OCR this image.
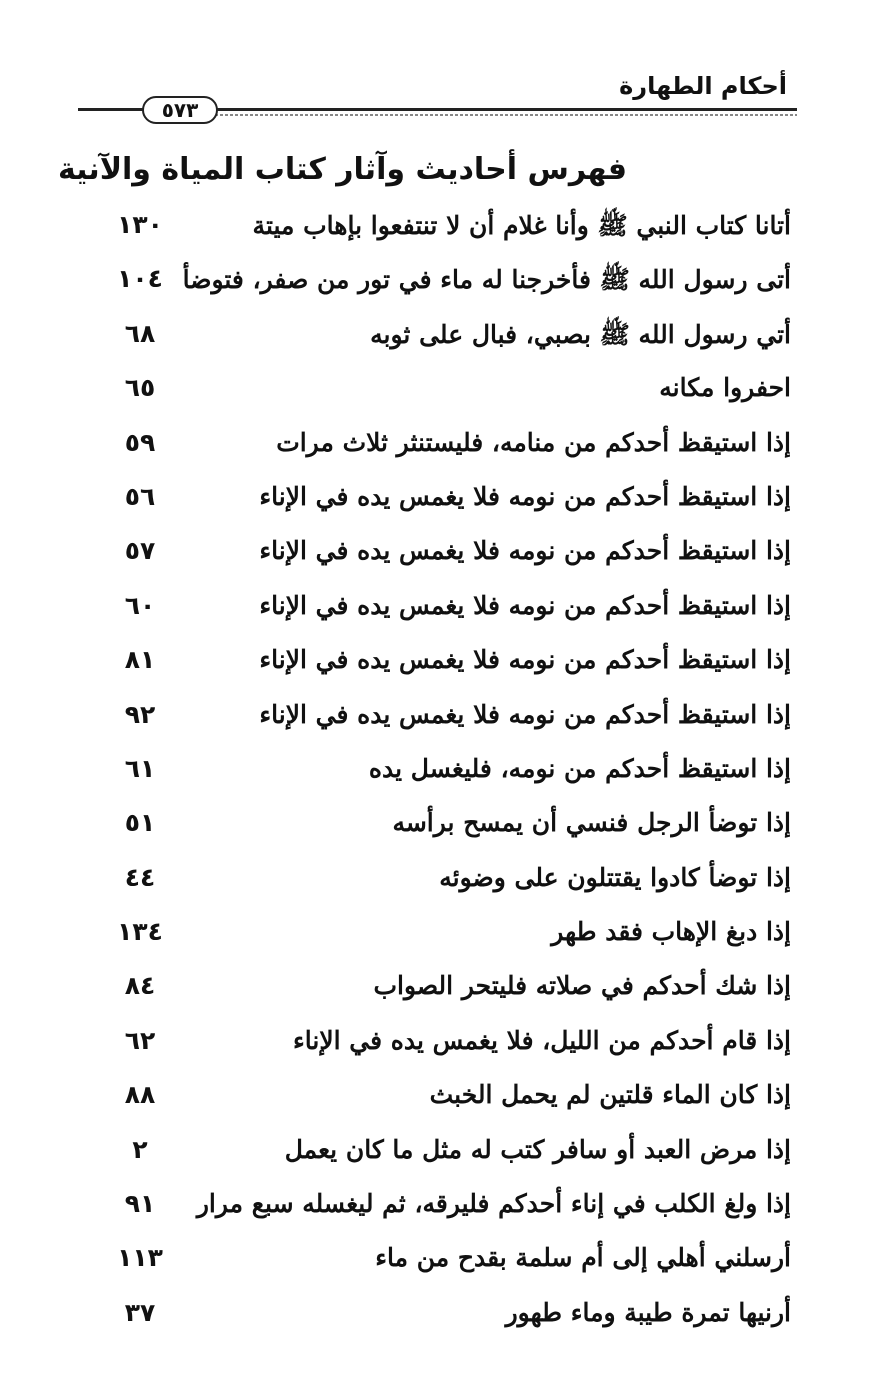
أحكام الطهارة
٥٧٣
فهرس أحاديث وآثار كتاب المياة والآنية
أتانا كتاب النبي ﷺ وأنا غلام أن لا تنتفعوا بإهاب ميتة
١٣٠
أتى رسول الله ﷺ فأخرجنا له ماء في تور من صفر، فتوضأ
١٠٤
أتي رسول الله ﷺ بصبي، فبال على ثوبه
٦٨
احفروا مكانه
٦٥
إذا استيقظ أحدكم من منامه، فليستنثر ثلاث مرات
٥٩
إذا استيقظ أحدكم من نومه فلا يغمس يده في الإناء
٥٦
إذا استيقظ أحدكم من نومه فلا يغمس يده في الإناء
٥٧
إذا استيقظ أحدكم من نومه فلا يغمس يده في الإناء
٦٠
إذا استيقظ أحدكم من نومه فلا يغمس يده في الإناء
٨١
إذا استيقظ أحدكم من نومه فلا يغمس يده في الإناء
٩٢
إذا استيقظ أحدكم من نومه، فليغسل يده
٦١
إذا توضأ الرجل فنسي أن يمسح برأسه
٥١
إذا توضأ كادوا يقتتلون على وضوئه
٤٤
إذا دبغ الإهاب فقد طهر
١٣٤
إذا شك أحدكم في صلاته فليتحر الصواب
٨٤
إذا قام أحدكم من الليل، فلا يغمس يده في الإناء
٦٢
إذا كان الماء قلتين لم يحمل الخبث
٨٨
إذا مرض العبد أو سافر كتب له مثل ما كان يعمل
٢
إذا ولغ الكلب في إناء أحدكم فليرقه، ثم ليغسله سبع مرار
٩١
أرسلني أهلي إلى أم سلمة بقدح من ماء
١١٣
أرنيها تمرة طيبة وماء طهور
٣٧
